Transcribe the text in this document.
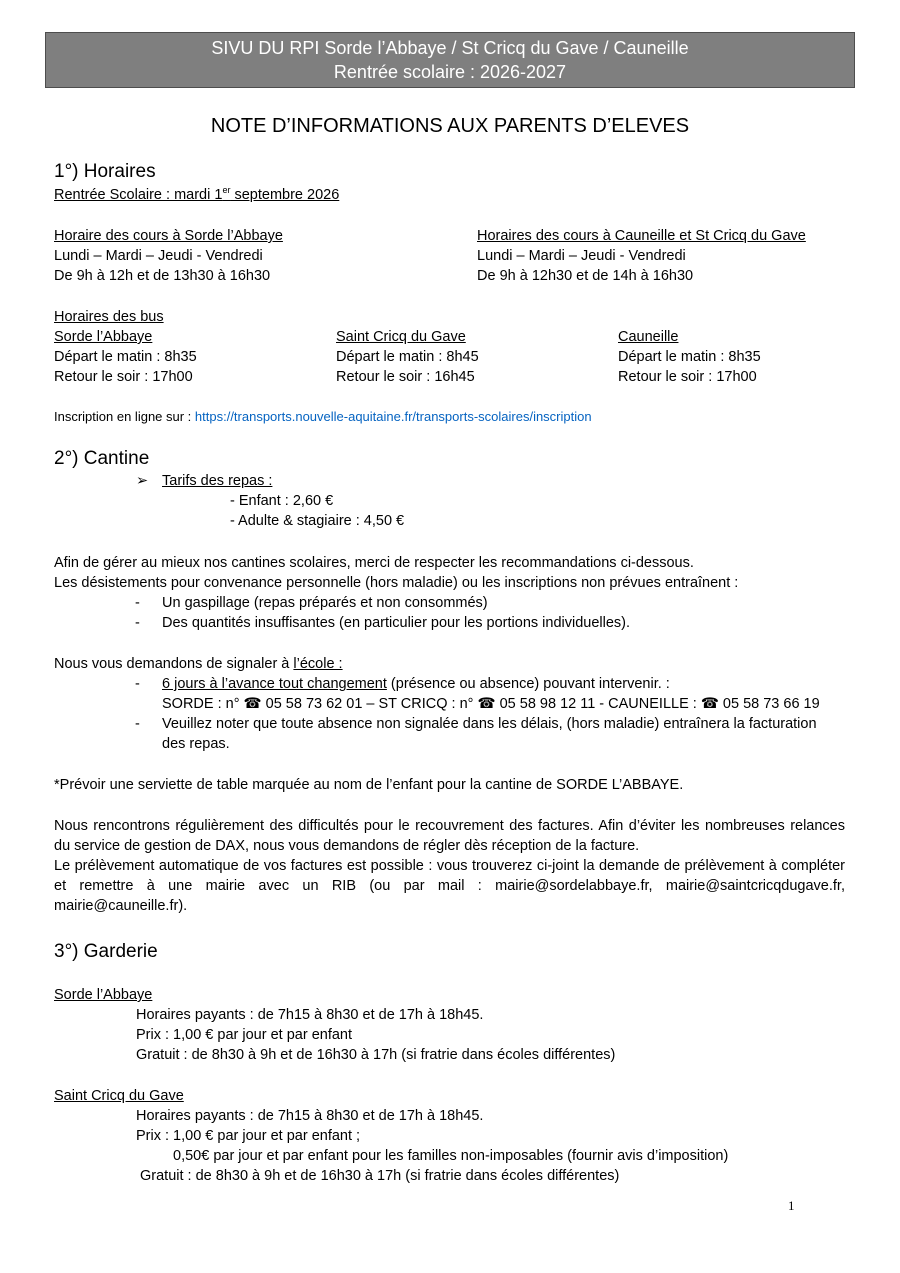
SIVU DU RPI Sorde l’Abbaye / St Cricq du Gave / Cauneille
Rentrée scolaire : 2026-2027
NOTE D’INFORMATIONS AUX PARENTS D’ELEVES
1°) Horaires
Rentrée Scolaire : mardi 1er septembre 2026
Horaire des cours à Sorde l’Abbaye
Lundi – Mardi – Jeudi - Vendredi
De 9h à 12h et de 13h30 à 16h30
Horaires des cours à Cauneille et St Cricq du Gave
Lundi – Mardi – Jeudi - Vendredi
De 9h à 12h30 et de 14h à 16h30
Horaires des bus
Sorde l’Abbaye
Départ le matin : 8h35
Retour le soir : 17h00
Saint Cricq du Gave
Départ le matin : 8h45
Retour le soir : 16h45
Cauneille
Départ le matin : 8h35
Retour le soir : 17h00
Inscription en ligne sur : https://transports.nouvelle-aquitaine.fr/transports-scolaires/inscription
2°) Cantine
➢ Tarifs des repas :
- Enfant : 2,60 €
- Adulte & stagiaire : 4,50 €
Afin de gérer au mieux nos cantines scolaires, merci de respecter les recommandations ci-dessous.
Les désistements pour convenance personnelle (hors maladie) ou les inscriptions non prévues entraînent :
- Un gaspillage (repas préparés et non consommés)
- Des quantités insuffisantes (en particulier pour les portions individuelles).
Nous vous demandons de signaler à l’école :
- 6 jours à l’avance tout changement (présence ou absence) pouvant intervenir. :
SORDE : n° ☎ 05 58 73 62 01 – ST CRICQ : n° ☎ 05 58 98 12 11 - CAUNEILLE : ☎ 05 58 73 66 19
- Veuillez noter que toute absence non signalée dans les délais, (hors maladie) entraînera la facturation
des repas.
*Prévoir une serviette de table marquée au nom de l’enfant pour la cantine de SORDE L’ABBAYE.
Nous rencontrons régulièrement des difficultés pour le recouvrement des factures. Afin d’éviter les nombreuses relances du service de gestion de DAX, nous vous demandons de régler dès réception de la facture.
Le prélèvement automatique de vos factures est possible : vous trouverez ci-joint la demande de prélèvement à compléter et remettre à une mairie avec un RIB (ou par mail : mairie@sordelabbaye.fr, mairie@saintcricqdugave.fr, mairie@cauneille.fr).
3°) Garderie
Sorde l’Abbaye
Horaires payants : de 7h15 à 8h30 et de 17h à 18h45.
Prix : 1,00 € par jour et par enfant
Gratuit : de 8h30 à 9h et de 16h30 à 17h (si fratrie dans écoles différentes)
Saint Cricq du Gave
Horaires payants : de 7h15 à 8h30 et de 17h à 18h45.
Prix : 1,00 € par jour et par enfant ;
0,50€ par jour et par enfant pour les familles non-imposables (fournir avis d’imposition)
Gratuit : de 8h30 à 9h et de 16h30 à 17h (si fratrie dans écoles différentes)
1
